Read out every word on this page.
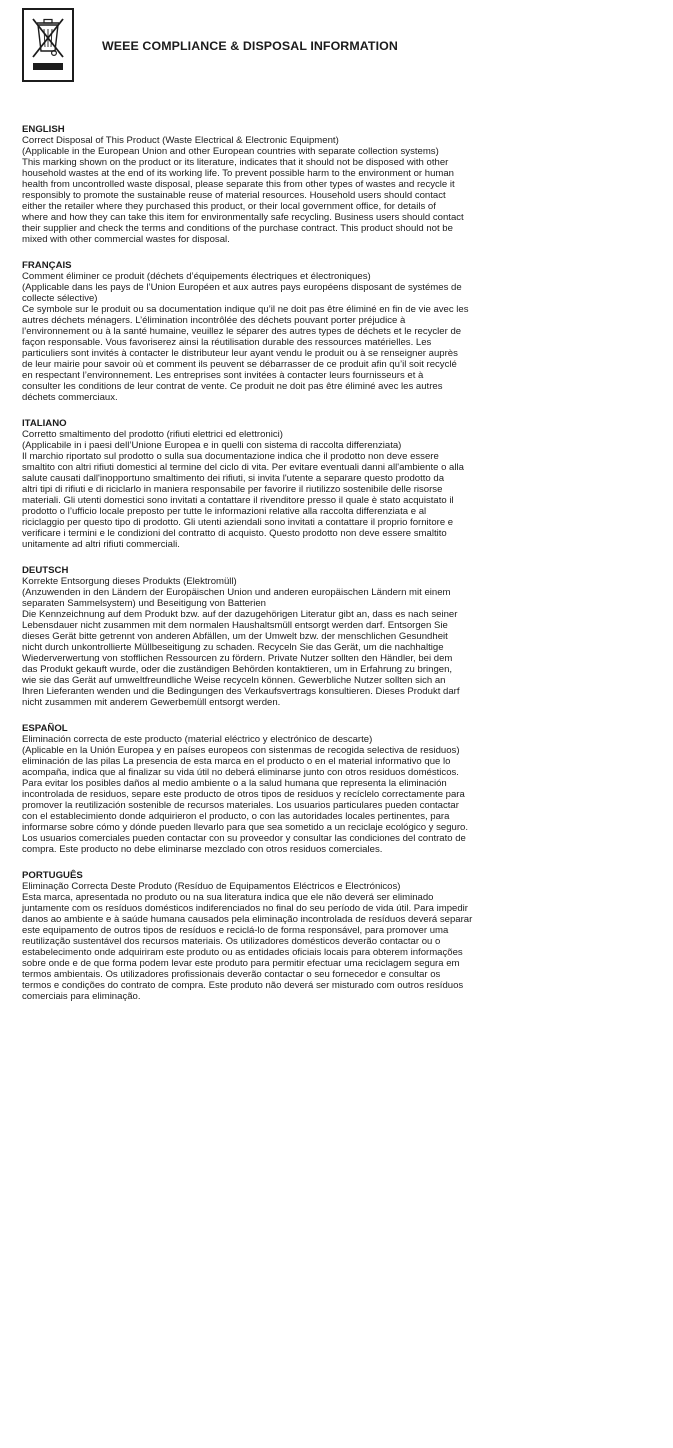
WEEE COMPLIANCE & DISPOSAL INFORMATION
ENGLISH
Correct Disposal of This Product (Waste Electrical & Electronic Equipment)
(Applicable in the European Union and other European countries with separate collection systems)
This marking shown on the product or its literature, indicates that it should not be disposed with other
household wastes at the end of its working life. To prevent possible harm to the environment or human
health from uncontrolled waste disposal, please separate this from other types of wastes and recycle it
responsibly to promote the sustainable reuse of material resources. Household users should contact
either the retailer where they purchased this product, or their local government office, for details of
where and how they can take this item for environmentally safe recycling. Business users should contact
their supplier and check the terms and conditions of the purchase contract. This product should not be
mixed with other commercial wastes for disposal.
FRANÇAIS
Comment éliminer ce produit (déchets d’équipements électriques et électroniques)
(Applicable dans les pays de l’Union Européen et aux autres pays européens disposant de systémes de
collecte sélective)
Ce symbole sur le produit ou sa documentation indique qu’il ne doit pas être éliminé en fin de vie avec les
autres déchets ménagers. L’élimination incontrôlée des déchets pouvant porter préjudice à
l’environnement ou à la santé humaine, veuillez le séparer des autres types de déchets et le recycler de
façon responsable. Vous favoriserez ainsi la réutilisation durable des ressources matérielles. Les
particuliers sont invités à contacter le distributeur leur ayant vendu le produit ou à se renseigner auprès
de leur mairie pour savoir où et comment ils peuvent se débarrasser de ce produit afin qu’il soit recyclé
en respectant l’environnement. Les entreprises sont invitées à contacter leurs fournisseurs et à
consulter les conditions de leur contrat de vente. Ce produit ne doit pas être éliminé avec les autres
déchets commerciaux.
ITALIANO
Corretto smaltimento del prodotto (rifiuti elettrici ed elettronici)
(Applicabile in i paesi dell’Unione Europea e in quelli con sistema di raccolta differenziata)
Il marchio riportato sul prodotto o sulla sua documentazione indica che il prodotto non deve essere
smaltito con altri rifiuti domestici al termine del ciclo di vita. Per evitare eventuali danni all'ambiente o alla
salute causati dall'inopportuno smaltimento dei rifiuti, si invita l'utente a separare questo prodotto da
altri tipi di rifiuti e di riciclarlo in maniera responsabile per favorire il riutilizzo sostenibile delle risorse
materiali. Gli utenti domestici sono invitati a contattare il rivenditore presso il quale è stato acquistato il
prodotto o l’ufficio locale preposto per tutte le informazioni relative alla raccolta differenziata e al
riciclaggio per questo tipo di prodotto. Gli utenti aziendali sono invitati a contattare il proprio fornitore e
verificare i termini e le condizioni del contratto di acquisto. Questo prodotto non deve essere smaltito
unitamente ad altri rifiuti commerciali.
DEUTSCH
Korrekte Entsorgung dieses Produkts (Elektromüll)
(Anzuwenden in den Ländern der Europäischen Union und anderen europäischen Ländern mit einem
separaten Sammelsystem) und Beseitigung von Batterien
Die Kennzeichnung auf dem Produkt bzw. auf der dazugehörigen Literatur gibt an, dass es nach seiner
Lebensdauer nicht zusammen mit dem normalen Haushaltsmüll entsorgt werden darf. Entsorgen Sie
dieses Gerät bitte getrennt von anderen Abfällen, um der Umwelt bzw. der menschlichen Gesundheit
nicht durch unkontrollierte Müllbeseitigung zu schaden. Recyceln Sie das Gerät, um die nachhaltige
Wiederverwertung von stofflichen Ressourcen zu fördern. Private Nutzer sollten den Händler, bei dem
das Produkt gekauft wurde, oder die zuständigen Behörden kontaktieren, um in Erfahrung zu bringen,
wie sie das Gerät auf umweltfreundliche Weise recyceln können. Gewerbliche Nutzer sollten sich an
Ihren Lieferanten wenden und die Bedingungen des Verkaufsvertrags konsultieren. Dieses Produkt darf
nicht zusammen mit anderem Gewerbemüll entsorgt werden.
ESPAÑOL
Eliminación correcta de este producto (material eléctrico y electrónico de descarte)
(Aplicable en la Unión Europea y en países europeos con sistenmas de recogida selectiva de residuos)
eliminación de las pilas La presencia de esta marca en el producto o en el material informativo que lo
acompaña, indica que al finalizar su vida útil no deberá eliminarse junto con otros residuos domésticos.
Para evitar los posibles daños al medio ambiente o a la salud humana que representa la eliminación
incontrolada de residuos, separe este producto de otros tipos de residuos y recíclelo correctamente para
promover la reutilización sostenible de recursos materiales. Los usuarios particulares pueden contactar
con el establecimiento donde adquirieron el producto, o con las autoridades locales pertinentes, para
informarse sobre cómo y dónde pueden llevarlo para que sea sometido a un reciclaje ecológico y seguro.
Los usuarios comerciales pueden contactar con su proveedor y consultar las condiciones del contrato de
compra. Este producto no debe eliminarse mezclado con otros residuos comerciales.
PORTUGUÊS
Eliminação Correcta Deste Produto (Resíduo de Equipamentos Eléctricos e Electrónicos)
Esta marca, apresentada no produto ou na sua literatura indica que ele não deverá ser eliminado
juntamente com os resíduos domésticos indiferenciados no final do seu período de vida útil. Para impedir
danos ao ambiente e à saúde humana causados pela eliminação incontrolada de resíduos deverá separar
este equipamento de outros tipos de resíduos e reciclá-lo de forma responsável, para promover uma
reutilização sustentável dos recursos materiais. Os utilizadores domésticos deverão contactar ou o
estabelecimento onde adquiriram este produto ou as entidades oficiais locais para obterem informações
sobre onde e de que forma podem levar este produto para permitir efectuar uma reciclagem segura em
termos ambientais. Os utilizadores profissionais deverão contactar o seu fornecedor e consultar os
termos e condições do contrato de compra. Este produto não deverá ser misturado com outros resíduos
comerciais para eliminação.
